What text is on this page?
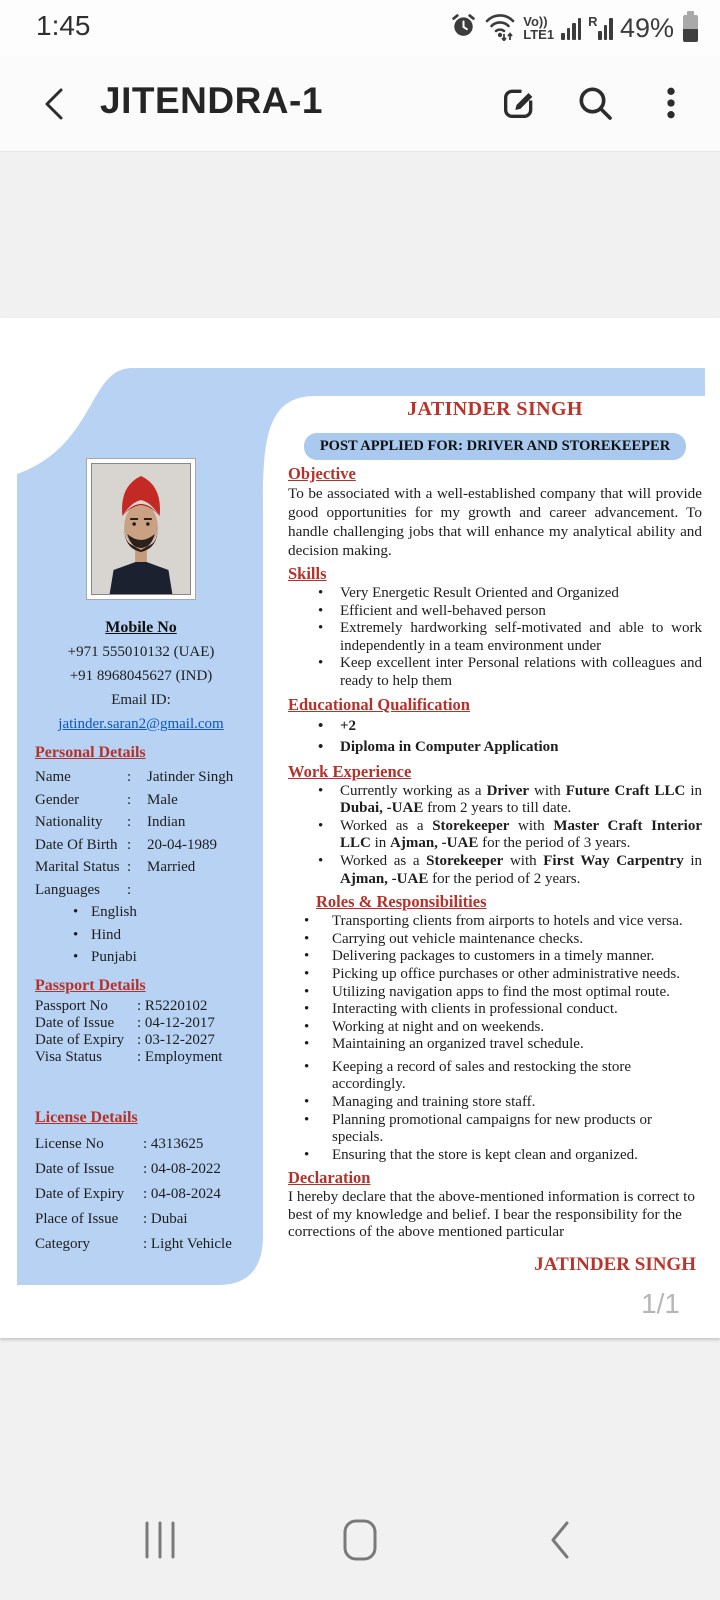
1:45	Vo))
LTE1
R 49%
JITENDRA-1
Mobile No
+971 555010132 (UAE)
+91 8968045627 (IND)
Email ID:
jatinder.saran2@gmail.com
Personal Details
Name	:	Jatinder Singh
Gender	:	Male
Nationality	:	Indian
Date Of Birth :	20-04-1989
Marital Status :	Married
Languages	:
• English
• Hind
• Punjabi
Passport Details
Passport No	: R5220102
Date of Issue	: 04-12-2017
Date of Expiry : 03-12-2027
Visa Status	: Employment
License Details
License No	: 4313625
Date of Issue	: 04-08-2022
Date of Expiry	: 04-08-2024
Place of Issue	: Dubai
Category	: Light Vehicle
JATINDER SINGH
POST APPLIED FOR: DRIVER AND STOREKEEPER
Objective
To be associated with a well-established company that will provide good opportunities for my growth and career advancement. To handle challenging jobs that will enhance my analytical ability and decision making.
Skills
• Very Energetic Result Oriented and Organized
• Efficient and well-behaved person
• Extremely hardworking self-motivated and able to work independently in a team environment under
• Keep excellent inter Personal relations with colleagues and ready to help them
Educational Qualification
• +2
• Diploma in Computer Application
Work Experience
• Currently working as a Driver with Future Craft LLC in Dubai, -UAE from 2 years to till date.
• Worked as a Storekeeper with Master Craft Interior LLC in Ajman, -UAE for the period of 3 years.
• Worked as a Storekeeper with First Way Carpentry in Ajman, -UAE for the period of 2 years.
Roles & Responsibilities
• Transporting clients from airports to hotels and vice versa.
• Carrying out vehicle maintenance checks.
• Delivering packages to customers in a timely manner.
• Picking up office purchases or other administrative needs.
• Utilizing navigation apps to find the most optimal route.
• Interacting with clients in professional conduct.
• Working at night and on weekends.
• Maintaining an organized travel schedule.
• Keeping a record of sales and restocking the store accordingly.
• Managing and training store staff.
• Planning promotional campaigns for new products or specials.
• Ensuring that the store is kept clean and organized.
Declaration
I hereby declare that the above-mentioned information is correct to best of my knowledge and belief. I bear the responsibility for the corrections of the above mentioned particular
JATINDER SINGH
1/1
